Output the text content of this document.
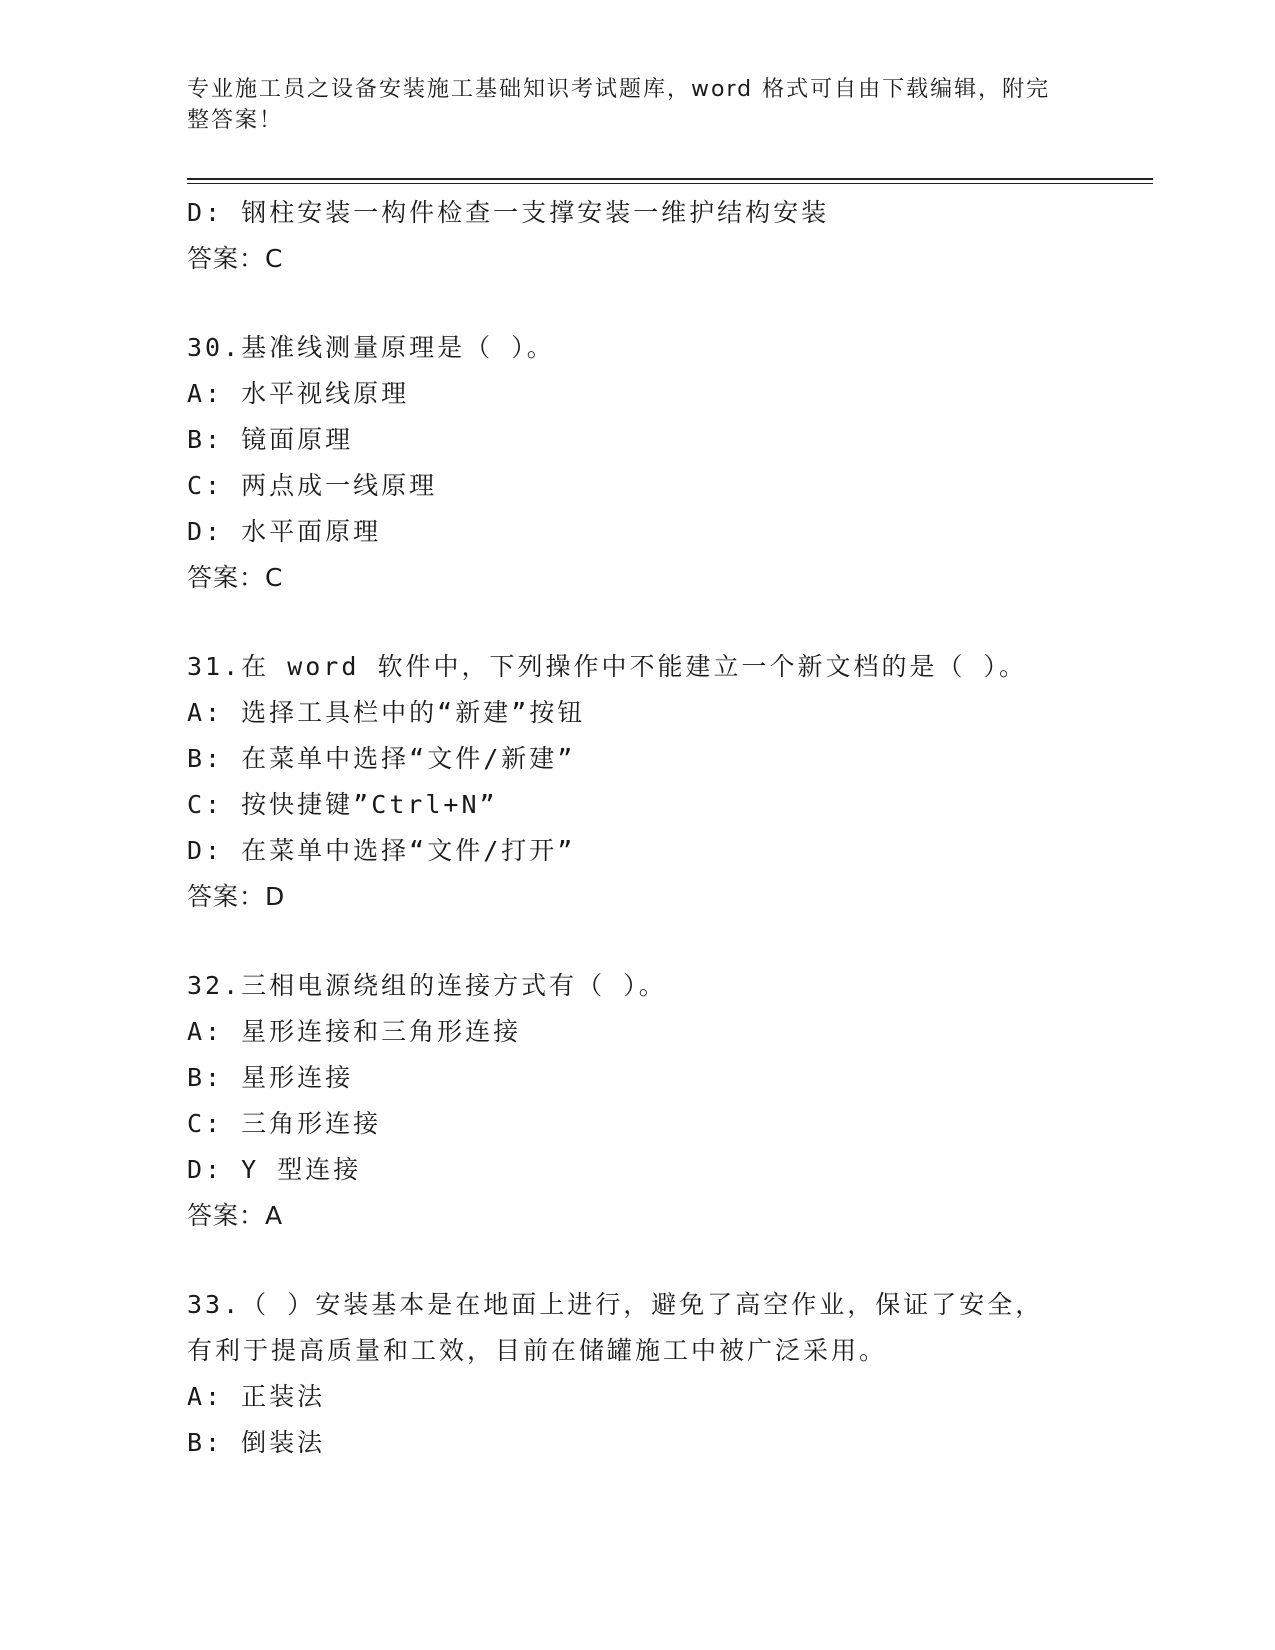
专业施工员之设备安装施工基础知识考试题库，word 格式可自由下载编辑，附完
整答案！
D: 钢柱安装一构件检查一支撑安装一维护结构安装
答案：C
30.基准线测量原理是（ ）。
A: 水平视线原理
B: 镜面原理
C: 两点成一线原理
D: 水平面原理
答案：C
31.在 word 软件中，下列操作中不能建立一个新文档的是（ ）。
A: 选择工具栏中的“新建”按钮
B: 在菜单中选择“文件/新建”
C: 按快捷键”Ctrl+N”
D: 在菜单中选择“文件/打开”
答案：D
32.三相电源绕组的连接方式有（ ）。
A: 星形连接和三角形连接
B: 星形连接
C: 三角形连接
D: Y 型连接
答案：A
33.（ ）安装基本是在地面上进行，避免了高空作业，保证了安全，
有利于提高质量和工效，目前在储罐施工中被广泛采用。
A: 正装法
B: 倒装法
